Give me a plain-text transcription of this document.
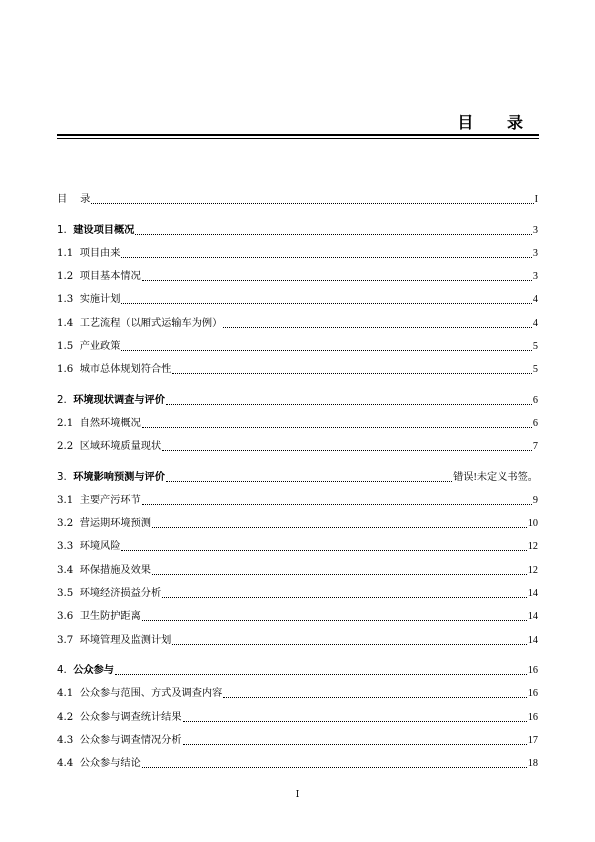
目 录
目    录	I
1. 建设项目概况	3
1.1 项目由来	3
1.2 项目基本情况	3
1.3 实施计划	4
1.4 工艺流程（以厢式运输车为例）	4
1.5 产业政策	5
1.6 城市总体规划符合性	5
2. 环境现状调查与评价	6
2.1 自然环境概况	6
2.2 区域环境质量现状	7
3. 环境影响预测与评价	错误!未定义书签。
3.1 主要产污环节	9
3.2 营运期环境预测	10
3.3 环境风险	12
3.4 环保措施及效果	12
3.5 环境经济损益分析	14
3.6 卫生防护距离	14
3.7 环境管理及监测计划	14
4. 公众参与	16
4.1 公众参与范围、方式及调查内容	16
4.2 公众参与调查统计结果	16
4.3 公众参与调查情况分析	17
4.4 公众参与结论	18
I
